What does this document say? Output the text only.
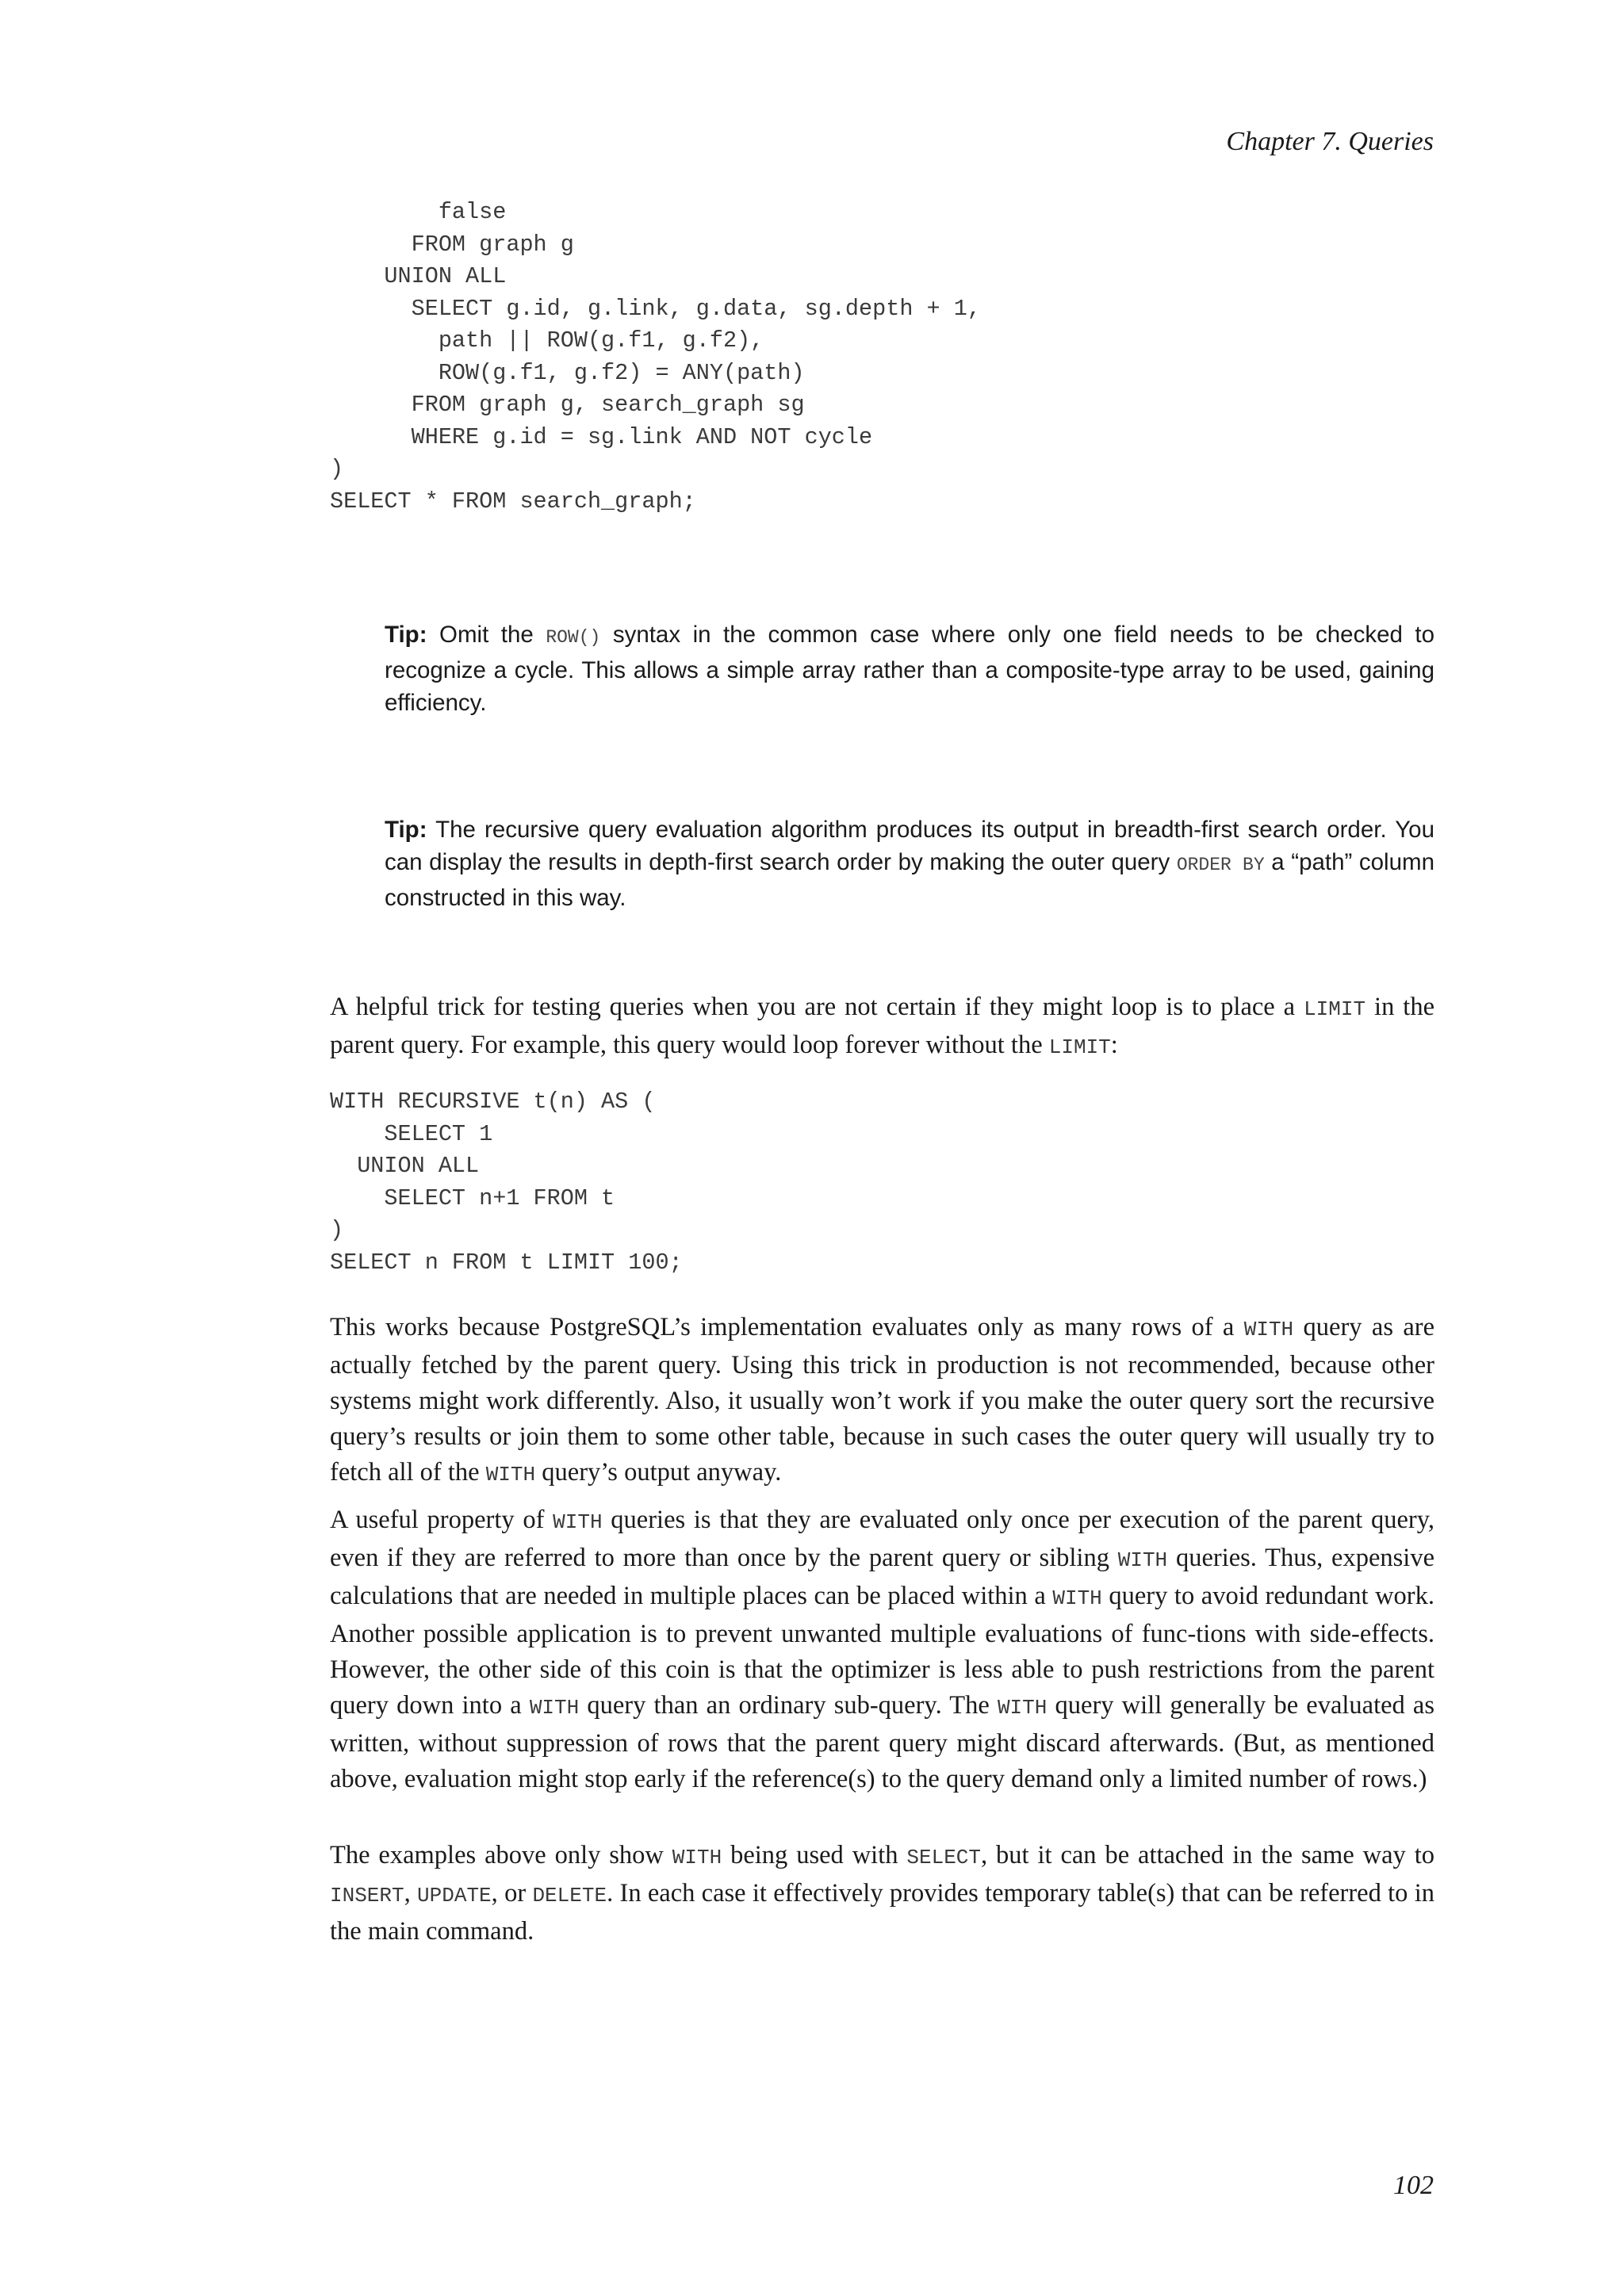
Chapter 7. Queries

false
FROM graph g
UNION ALL
SELECT g.id, g.link, g.data, sg.depth + 1,
path || ROW(g.f1, g.f2),
ROW(g.f1, g.f2) = ANY(path)
FROM graph g, search_graph sg
WHERE g.id = sg.link AND NOT cycle
)
SELECT * FROM search_graph;

Tip: Omit the ROW() syntax in the common case where only one field needs to be checked to recognize a cycle. This allows a simple array rather than a composite-type array to be used, gaining efficiency.

Tip: The recursive query evaluation algorithm produces its output in breadth-first search order. You can display the results in depth-first search order by making the outer query ORDER BY a “path” column constructed in this way.

A helpful trick for testing queries when you are not certain if they might loop is to place a LIMIT in the parent query. For example, this query would loop forever without the LIMIT:

WITH RECURSIVE t(n) AS (
SELECT 1
UNION ALL
SELECT n+1 FROM t
)
SELECT n FROM t LIMIT 100;

This works because PostgreSQL’s implementation evaluates only as many rows of a WITH query as are actually fetched by the parent query. Using this trick in production is not recommended, because other systems might work differently. Also, it usually won’t work if you make the outer query sort the recursive query’s results or join them to some other table, because in such cases the outer query will usually try to fetch all of the WITH query’s output anyway.

A useful property of WITH queries is that they are evaluated only once per execution of the parent query, even if they are referred to more than once by the parent query or sibling WITH queries. Thus, expensive calculations that are needed in multiple places can be placed within a WITH query to avoid redundant work. Another possible application is to prevent unwanted multiple evaluations of func-tions with side-effects. However, the other side of this coin is that the optimizer is less able to push restrictions from the parent query down into a WITH query than an ordinary sub-query. The WITH query will generally be evaluated as written, without suppression of rows that the parent query might discard afterwards. (But, as mentioned above, evaluation might stop early if the reference(s) to the query demand only a limited number of rows.)

The examples above only show WITH being used with SELECT, but it can be attached in the same way to INSERT, UPDATE, or DELETE. In each case it effectively provides temporary table(s) that can be referred to in the main command.

102
